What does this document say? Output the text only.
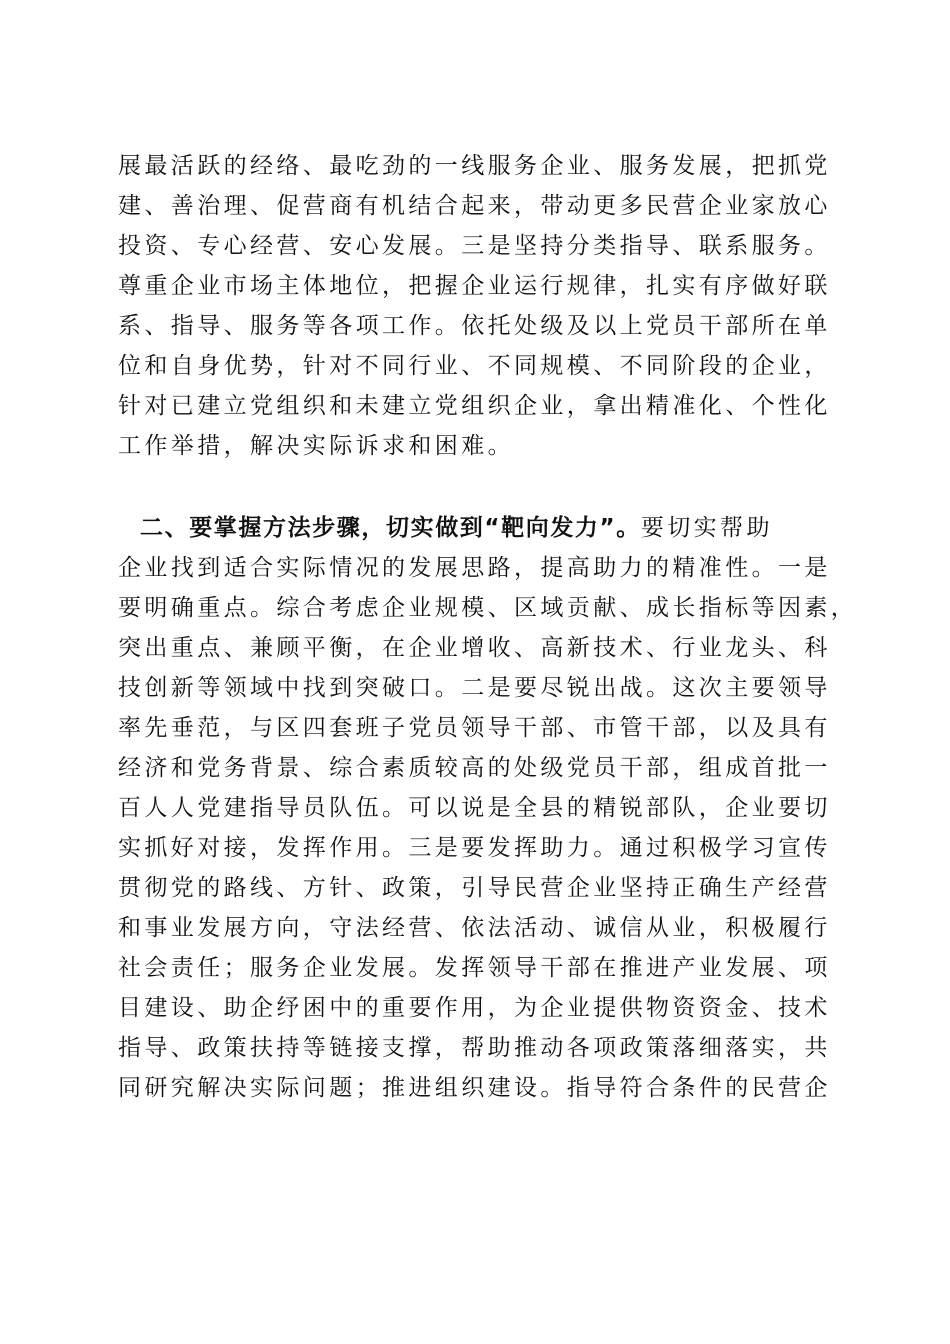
展最活跃的经络、最吃劲的一线服务企业、服务发展，把抓党
建、善治理、促营商有机结合起来，带动更多民营企业家放心
投资、专心经营、安心发展。三是坚持分类指导、联系服务。
尊重企业市场主体地位，把握企业运行规律，扎实有序做好联
系、指导、服务等各项工作。依托处级及以上党员干部所在单
位和自身优势，针对不同行业、不同规模、不同阶段的企业，
针对已建立党组织和未建立党组织企业，拿出精准化、个性化
工作举措，解决实际诉求和困难。
二、要掌握方法步骤，切实做到“靶向发力”。要切实帮助
企业找到适合实际情况的发展思路，提高助力的精准性。一是
要明确重点。综合考虑企业规模、区域贡献、成长指标等因素，
突出重点、兼顾平衡，在企业增收、高新技术、行业龙头、科
技创新等领域中找到突破口。二是要尽锐出战。这次主要领导
率先垂范，与区四套班子党员领导干部、市管干部，以及具有
经济和党务背景、综合素质较高的处级党员干部，组成首批一
百人人党建指导员队伍。可以说是全县的精锐部队，企业要切
实抓好对接，发挥作用。三是要发挥助力。通过积极学习宣传
贯彻党的路线、方针、政策，引导民营企业坚持正确生产经营
和事业发展方向，守法经营、依法活动、诚信从业，积极履行
社会责任；服务企业发展。发挥领导干部在推进产业发展、项
目建设、助企纾困中的重要作用，为企业提供物资资金、技术
指导、政策扶持等链接支撑，帮助推动各项政策落细落实，共
同研究解决实际问题；推进组织建设。指导符合条件的民营企
